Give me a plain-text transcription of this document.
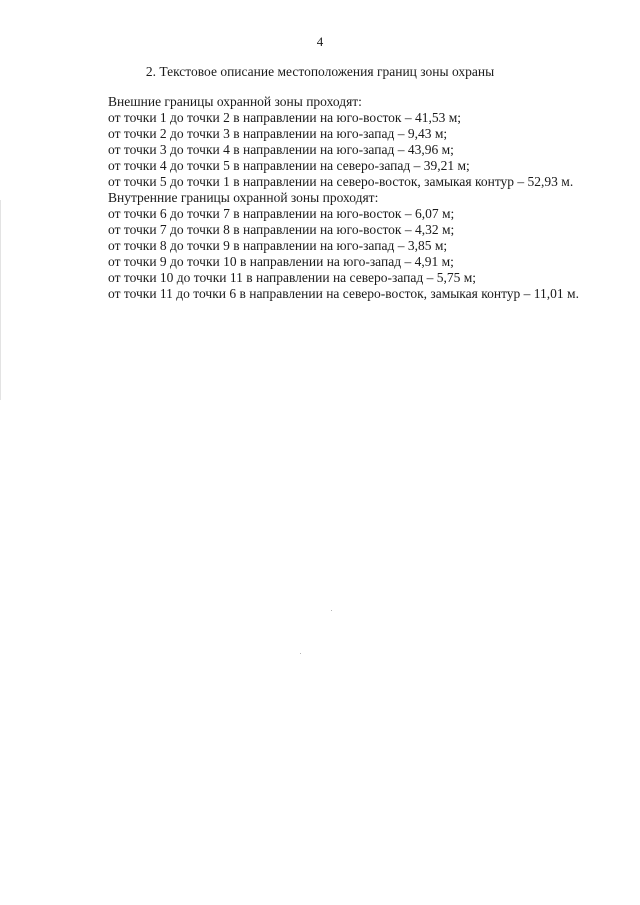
4
2. Текстовое описание местоположения границ зоны охраны

Внешние границы охранной зоны проходят:

от точки 1 до точки 2 в направлении на юго-восток – 41,53 м;

от точки 2 до точки 3 в направлении на юго-запад – 9,43 м;

от точки 3 до точки 4 в направлении на юго-запад – 43,96 м;

от точки 4 до точки 5 в направлении на северо-запад – 39,21 м;

от точки 5 до точки 1 в направлении на северо-восток, замыкая контур – 52,93 м.

Внутренние границы охранной зоны проходят:

от точки 6 до точки 7 в направлении на юго-восток – 6,07 м;

от точки 7 до точки 8 в направлении на юго-восток – 4,32 м;

от точки 8 до точки 9 в направлении на юго-запад – 3,85 м;

от точки 9 до точки 10 в направлении на юго-запад – 4,91 м;

от точки 10 до точки 11 в направлении на северо-запад – 5,75 м;

от точки 11 до точки 6 в направлении на северо-восток, замыкая контур – 11,01 м.
